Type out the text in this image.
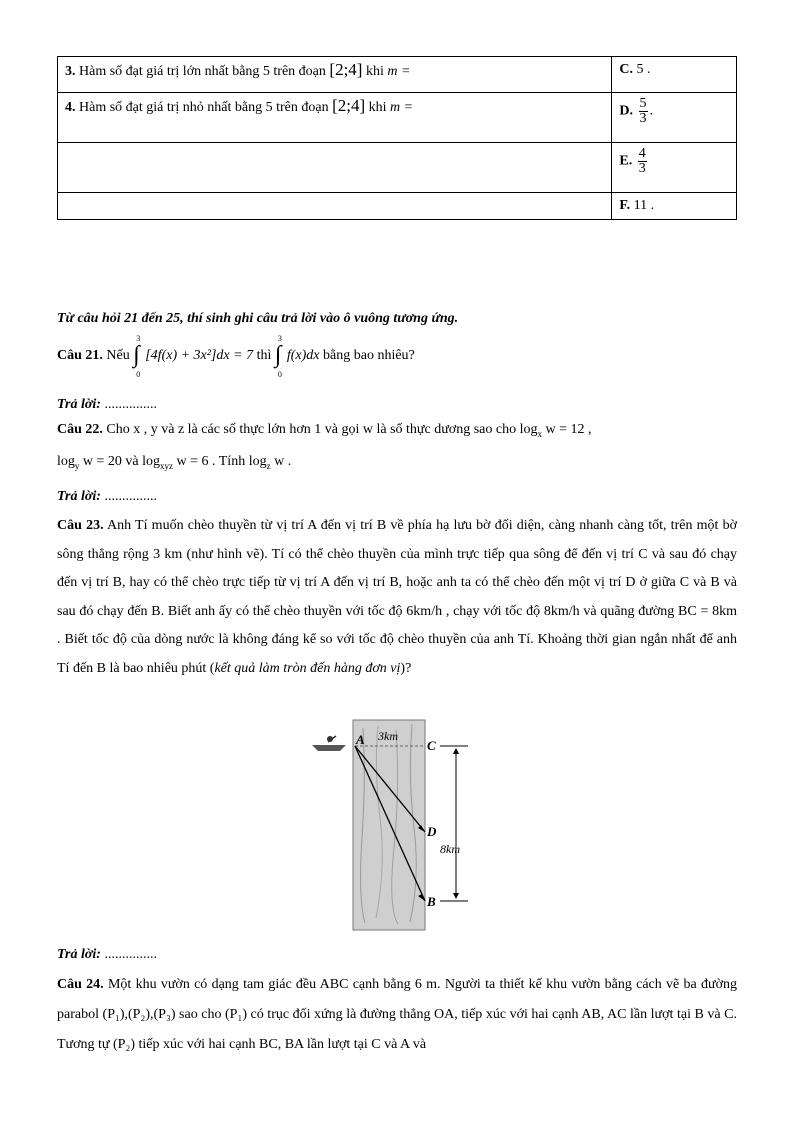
3. Hàm số đạt giá trị lớn nhất bằng 5 trên đoạn [2;4] khi m =	C. 5 .
4. Hàm số đạt giá trị nhỏ nhất bằng 5 trên đoạn [2;4] khi m =	D. $\frac{5}{3}$ .
	E. $\frac{4}{3}$

	F. 11 .
Từ câu hỏi 21 đến 25, thí sinh ghi câu trả lời vào ô vuông tương ứng.
Câu 21. Nếu
3
∫
0
[4f(x) + 3x²]dx = 7 thì
3
∫
0
f(x)dx bằng bao nhiêu?
Trả lời: ...............
Câu 22. Cho x , y và z là các số thực lớn hơn 1 và gọi w là số thực dương sao cho $\log_x w = 12$ ,
$\log_y w = 20$ và $\log_{xyz} w = 6$ . Tính $\log_z w$ .
Trả lời: ...............
Câu 23. Anh Tí muốn chèo thuyền từ vị trí A đến vị trí B về phía hạ lưu bờ đối diện, càng nhanh càng tốt, trên một bờ sông thẳng rộng 3 km (như hình vẽ). Tí có thể chèo thuyền của mình trực tiếp qua sông để đến vị trí C và sau đó chạy đến vị trí B, hay có thể chèo trực tiếp từ vị trí A đến vị trí B, hoặc anh ta có thể chèo đến một vị trí D ở giữa C và B và sau đó chạy đến B. Biết anh ấy có thể chèo thuyền với tốc độ 6km/h , chạy với tốc độ 8km/h và quãng đường BC = 8km . Biết tốc độ của dòng nước là không đáng kể so với tốc độ chèo thuyền của anh Tí. Khoảng thời gian ngắn nhất để anh Tí đến B là bao nhiêu phút (kết quả làm tròn đến hàng đơn vị)?
A 3km
C
D
B
8km
Trả lời: ...............
Câu 24. Một khu vườn có dạng tam giác đều ABC cạnh bằng 6 m. Người ta thiết kế khu vườn bằng cách vẽ ba đường parabol (P₁),(P₂),(P₃) sao cho (P₁) có trục đối xứng là đường thẳng OA, tiếp xúc với hai cạnh AB, AC lần lượt tại B và C. Tương tự (P₂) tiếp xúc với hai cạnh BC, BA lần lượt tại C và A và
